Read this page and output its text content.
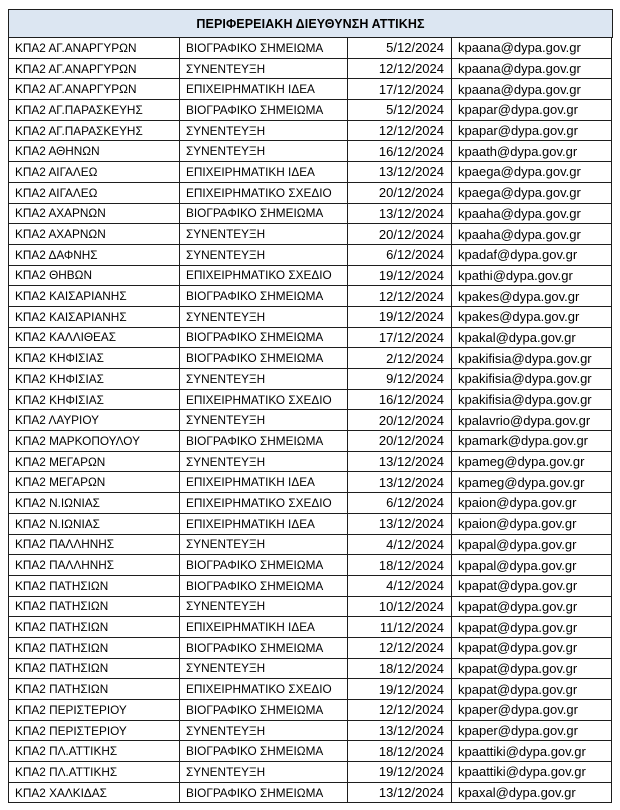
ΠΕΡΙΦΕΡΕΙΑΚΗ ΔΙΕΥΘΥΝΣΗ ΑΤΤΙΚΗΣ
ΚΠΑ2 ΑΓ.ΑΝΑΡΓΥΡΩΝ	ΒΙΟΓΡΑΦΙΚΟ ΣΗΜΕΙΩΜΑ	5/12/2024	kpaana@dypa.gov.gr
ΚΠΑ2 ΑΓ.ΑΝΑΡΓΥΡΩΝ	ΣΥΝΕΝΤΕΥΞΗ	12/12/2024	kpaana@dypa.gov.gr
ΚΠΑ2 ΑΓ.ΑΝΑΡΓΥΡΩΝ	ΕΠΙΧΕΙΡΗΜΑΤΙΚΗ ΙΔΕΑ	17/12/2024	kpaana@dypa.gov.gr
ΚΠΑ2 ΑΓ.ΠΑΡΑΣΚΕΥΗΣ	ΒΙΟΓΡΑΦΙΚΟ ΣΗΜΕΙΩΜΑ	5/12/2024	kpapar@dypa.gov.gr
ΚΠΑ2 ΑΓ.ΠΑΡΑΣΚΕΥΗΣ	ΣΥΝΕΝΤΕΥΞΗ	12/12/2024	kpapar@dypa.gov.gr
ΚΠΑ2 ΑΘΗΝΩΝ	ΣΥΝΕΝΤΕΥΞΗ	16/12/2024	kpaath@dypa.gov.gr
ΚΠΑ2 ΑΙΓΑΛΕΩ	ΕΠΙΧΕΙΡΗΜΑΤΙΚΗ ΙΔΕΑ	13/12/2024	kpaega@dypa.gov.gr
ΚΠΑ2 ΑΙΓΑΛΕΩ	ΕΠΙΧΕΙΡΗΜΑΤΙΚΟ ΣΧΕΔΙΟ	20/12/2024	kpaega@dypa.gov.gr
ΚΠΑ2 ΑΧΑΡΝΩΝ	ΒΙΟΓΡΑΦΙΚΟ ΣΗΜΕΙΩΜΑ	13/12/2024	kpaaha@dypa.gov.gr
ΚΠΑ2 ΑΧΑΡΝΩΝ	ΣΥΝΕΝΤΕΥΞΗ	20/12/2024	kpaaha@dypa.gov.gr
ΚΠΑ2 ΔΑΦΝΗΣ	ΣΥΝΕΝΤΕΥΞΗ	6/12/2024	kpadaf@dypa.gov.gr
ΚΠΑ2 ΘΗΒΩΝ	ΕΠΙΧΕΙΡΗΜΑΤΙΚΟ ΣΧΕΔΙΟ	19/12/2024	kpathi@dypa.gov.gr
ΚΠΑ2 ΚΑΙΣΑΡΙΑΝΗΣ	ΒΙΟΓΡΑΦΙΚΟ ΣΗΜΕΙΩΜΑ	12/12/2024	kpakes@dypa.gov.gr
ΚΠΑ2 ΚΑΙΣΑΡΙΑΝΗΣ	ΣΥΝΕΝΤΕΥΞΗ	19/12/2024	kpakes@dypa.gov.gr
ΚΠΑ2 ΚΑΛΛΙΘΕΑΣ	ΒΙΟΓΡΑΦΙΚΟ ΣΗΜΕΙΩΜΑ	17/12/2024	kpakal@dypa.gov.gr
ΚΠΑ2 ΚΗΦΙΣΙΑΣ	ΒΙΟΓΡΑΦΙΚΟ ΣΗΜΕΙΩΜΑ	2/12/2024	kpakifisia@dypa.gov.gr
ΚΠΑ2 ΚΗΦΙΣΙΑΣ	ΣΥΝΕΝΤΕΥΞΗ	9/12/2024	kpakifisia@dypa.gov.gr
ΚΠΑ2 ΚΗΦΙΣΙΑΣ	ΕΠΙΧΕΙΡΗΜΑΤΙΚΟ ΣΧΕΔΙΟ	16/12/2024	kpakifisia@dypa.gov.gr
ΚΠΑ2 ΛΑΥΡΙΟΥ	ΣΥΝΕΝΤΕΥΞΗ	20/12/2024	kpalavrio@dypa.gov.gr
ΚΠΑ2 ΜΑΡΚΟΠΟΥΛΟΥ	ΒΙΟΓΡΑΦΙΚΟ ΣΗΜΕΙΩΜΑ	20/12/2024	kpamark@dypa.gov.gr
ΚΠΑ2 ΜΕΓΑΡΩΝ	ΣΥΝΕΝΤΕΥΞΗ	13/12/2024	kpameg@dypa.gov.gr
ΚΠΑ2 ΜΕΓΑΡΩΝ	ΕΠΙΧΕΙΡΗΜΑΤΙΚΗ ΙΔΕΑ	13/12/2024	kpameg@dypa.gov.gr
ΚΠΑ2 Ν.ΙΩΝΙΑΣ	ΕΠΙΧΕΙΡΗΜΑΤΙΚΟ ΣΧΕΔΙΟ	6/12/2024	kpaion@dypa.gov.gr
ΚΠΑ2 Ν.ΙΩΝΙΑΣ	ΕΠΙΧΕΙΡΗΜΑΤΙΚΗ ΙΔΕΑ	13/12/2024	kpaion@dypa.gov.gr
ΚΠΑ2 ΠΑΛΛΗΝΗΣ	ΣΥΝΕΝΤΕΥΞΗ	4/12/2024	kpapal@dypa.gov.gr
ΚΠΑ2 ΠΑΛΛΗΝΗΣ	ΒΙΟΓΡΑΦΙΚΟ ΣΗΜΕΙΩΜΑ	18/12/2024	kpapal@dypa.gov.gr
ΚΠΑ2 ΠΑΤΗΣΙΩΝ	ΒΙΟΓΡΑΦΙΚΟ ΣΗΜΕΙΩΜΑ	4/12/2024	kpapat@dypa.gov.gr
ΚΠΑ2 ΠΑΤΗΣΙΩΝ	ΣΥΝΕΝΤΕΥΞΗ	10/12/2024	kpapat@dypa.gov.gr
ΚΠΑ2 ΠΑΤΗΣΙΩΝ	ΕΠΙΧΕΙΡΗΜΑΤΙΚΗ ΙΔΕΑ	11/12/2024	kpapat@dypa.gov.gr
ΚΠΑ2 ΠΑΤΗΣΙΩΝ	ΒΙΟΓΡΑΦΙΚΟ ΣΗΜΕΙΩΜΑ	12/12/2024	kpapat@dypa.gov.gr
ΚΠΑ2 ΠΑΤΗΣΙΩΝ	ΣΥΝΕΝΤΕΥΞΗ	18/12/2024	kpapat@dypa.gov.gr
ΚΠΑ2 ΠΑΤΗΣΙΩΝ	ΕΠΙΧΕΙΡΗΜΑΤΙΚΟ ΣΧΕΔΙΟ	19/12/2024	kpapat@dypa.gov.gr
ΚΠΑ2 ΠΕΡΙΣΤΕΡΙΟΥ	ΒΙΟΓΡΑΦΙΚΟ ΣΗΜΕΙΩΜΑ	12/12/2024	kpaper@dypa.gov.gr
ΚΠΑ2 ΠΕΡΙΣΤΕΡΙΟΥ	ΣΥΝΕΝΤΕΥΞΗ	13/12/2024	kpaper@dypa.gov.gr
ΚΠΑ2 ΠΛ.ΑΤΤΙΚΗΣ	ΒΙΟΓΡΑΦΙΚΟ ΣΗΜΕΙΩΜΑ	18/12/2024	kpaattiki@dypa.gov.gr
ΚΠΑ2 ΠΛ.ΑΤΤΙΚΗΣ	ΣΥΝΕΝΤΕΥΞΗ	19/12/2024	kpaattiki@dypa.gov.gr
ΚΠΑ2 ΧΑΛΚΙΔΑΣ	ΒΙΟΓΡΑΦΙΚΟ ΣΗΜΕΙΩΜΑ	13/12/2024	kpaxal@dypa.gov.gr
